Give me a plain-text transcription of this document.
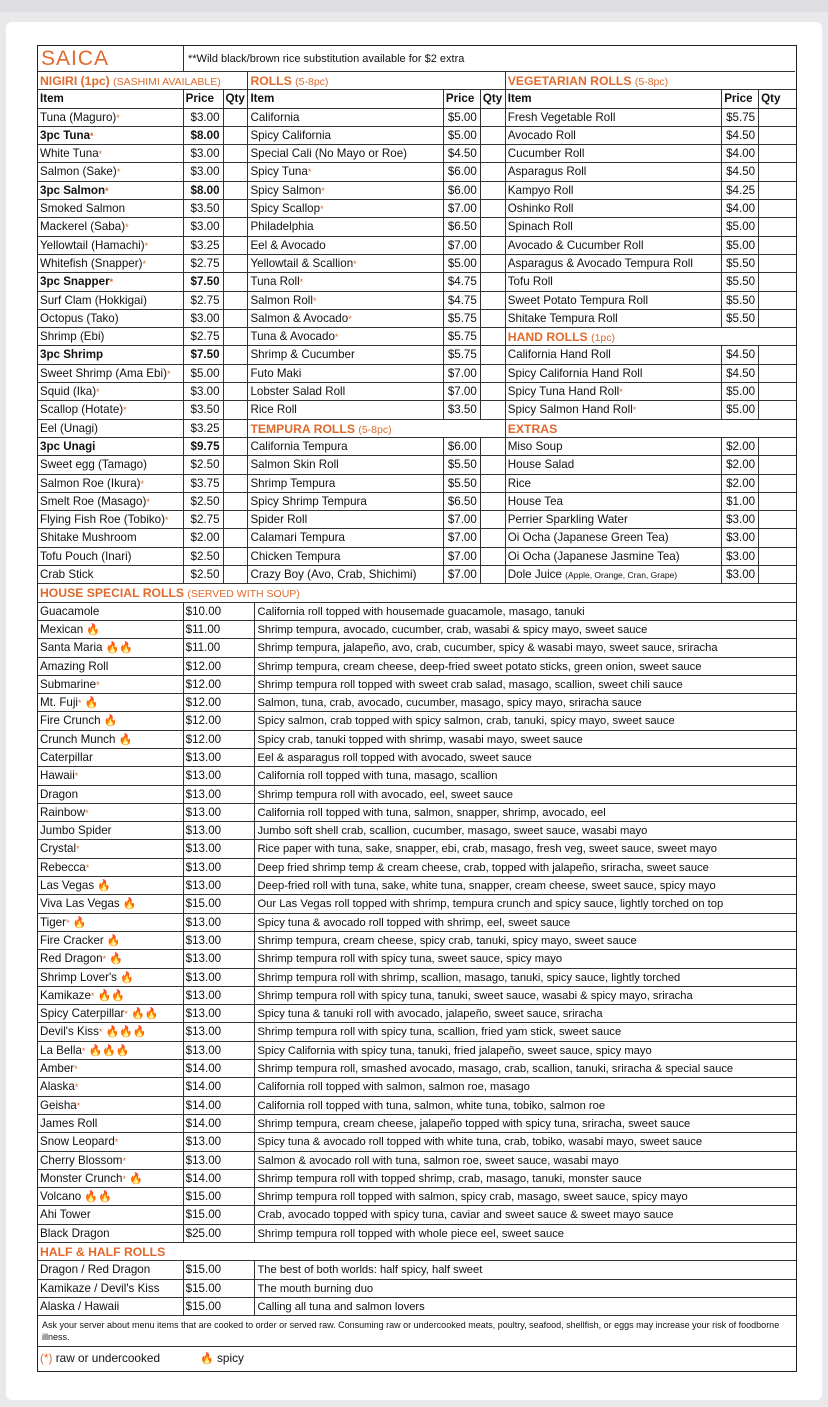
SAICA	**Wild black/brown rice substitution available for $2 extra
NIGIRI (1pc) (SASHIMI AVAILABLE)	ROLLS (5-8pc)	VEGETARIAN ROLLS (5-8pc)
Item	Price Qty Item	Price Qty Item	Price Qty
Tuna (Maguro)*	$3.00	California	$5.00	Fresh Vegetable Roll	$5.75
3pc Tuna*	$8.00	Spicy California	$5.00	Avocado Roll	$4.50
White Tuna*	$3.00	Special Cali (No Mayo or Roe)	$4.50	Cucumber Roll	$4.00
Salmon (Sake)*	$3.00	Spicy Tuna*	$6.00	Asparagus Roll	$4.50
3pc Salmon*	$8.00	Spicy Salmon*	$6.00	Kampyo Roll	$4.25
Smoked Salmon	$3.50	Spicy Scallop*	$7.00	Oshinko Roll	$4.00
Mackerel (Saba)*	$3.00	Philadelphia	$6.50	Spinach Roll	$5.00
Yellowtail (Hamachi)*	$3.25	Eel & Avocado	$7.00	Avocado & Cucumber Roll	$5.00
Whitefish (Snapper)*	$2.75	Yellowtail & Scallion*	$5.00	Asparagus & Avocado Tempura Roll	$5.50
3pc Snapper*	$7.50	Tuna Roll*	$4.75	Tofu Roll	$5.50
Surf Clam (Hokkigai)	$2.75	Salmon Roll*	$4.75	Sweet Potato Tempura Roll	$5.50
Octopus (Tako)	$3.00	Salmon & Avocado*	$5.75	Shitake Tempura Roll	$5.50
Shrimp (Ebi)	$2.75	Tuna & Avocado*	$5.75	HAND ROLLS (1pc)
3pc Shrimp	$7.50	Shrimp & Cucumber	$5.75	California Hand Roll	$4.50
Sweet Shrimp (Ama Ebi)*	$5.00	Futo Maki	$7.00	Spicy California Hand Roll	$4.50
Squid (Ika)*	$3.00	Lobster Salad Roll	$7.00	Spicy Tuna Hand Roll*	$5.00
Scallop (Hotate)*	$3.50	Rice Roll	$3.50	Spicy Salmon Hand Roll*	$5.00
Eel (Unagi)	$3.25	TEMPURA ROLLS (5-8pc)	EXTRAS
3pc Unagi	$9.75	California Tempura	$6.00	Miso Soup	$2.00
Sweet egg (Tamago)	$2.50	Salmon Skin Roll	$5.50	House Salad	$2.00
Salmon Roe (Ikura)*	$3.75	Shrimp Tempura	$5.50	Rice	$2.00
Smelt Roe (Masago)*	$2.50	Spicy Shrimp Tempura	$6.50	House Tea	$1.00
Flying Fish Roe (Tobiko)*	$2.75	Spider Roll	$7.00	Perrier Sparkling Water	$3.00
Shitake Mushroom	$2.00	Calamari Tempura	$7.00	Oi Ocha (Japanese Green Tea)	$3.00
Tofu Pouch (Inari)	$2.50	Chicken Tempura	$7.00	Oi Ocha (Japanese Jasmine Tea)	$3.00
Crab Stick	$2.50	Crazy Boy (Avo, Crab, Shichimi)	$7.00	Dole Juice (Apple, Orange, Cran, Grape)	$3.00
HOUSE SPECIAL ROLLS (SERVED WITH SOUP)
Guacamole	$10.00	California roll topped with housemade guacamole, masago, tanuki
Mexican 🔥	$11.00	Shrimp tempura, avocado, cucumber, crab, wasabi & spicy mayo, sweet sauce
Santa Maria 🔥🔥	$11.00	Shrimp tempura, jalapeño, avo, crab, cucumber, spicy & wasabi mayo, sweet sauce, sriracha
Amazing Roll	$12.00	Shrimp tempura, cream cheese, deep-fried sweet potato sticks, green onion, sweet sauce
Submarine*	$12.00	Shrimp tempura roll topped with sweet crab salad, masago, scallion, sweet chili sauce
Mt. Fuji* 🔥	$12.00	Salmon, tuna, crab, avocado, cucumber, masago, spicy mayo, sriracha sauce
Fire Crunch 🔥	$12.00	Spicy salmon, crab topped with spicy salmon, crab, tanuki, spicy mayo, sweet sauce
Crunch Munch 🔥	$12.00	Spicy crab, tanuki topped with shrimp, wasabi mayo, sweet sauce
Caterpillar	$13.00	Eel & asparagus roll topped with avocado, sweet sauce
Hawaii*	$13.00	California roll topped with tuna, masago, scallion
Dragon	$13.00	Shrimp tempura roll with avocado, eel, sweet sauce
Rainbow*	$13.00	California roll topped with tuna, salmon, snapper, shrimp, avocado, eel
Jumbo Spider	$13.00	Jumbo soft shell crab, scallion, cucumber, masago, sweet sauce, wasabi mayo
Crystal*	$13.00	Rice paper with tuna, sake, snapper, ebi, crab, masago, fresh veg, sweet sauce, sweet mayo
Rebecca*	$13.00	Deep fried shrimp temp & cream cheese, crab, topped with jalapeño, sriracha, sweet sauce
Las Vegas 🔥	$13.00	Deep-fried roll with tuna, sake, white tuna, snapper, cream cheese, sweet sauce, spicy mayo
Viva Las Vegas 🔥	$15.00	Our Las Vegas roll topped with shrimp, tempura crunch and spicy sauce, lightly torched on top
Tiger* 🔥	$13.00	Spicy tuna & avocado roll topped with shrimp, eel, sweet sauce
Fire Cracker 🔥	$13.00	Shrimp tempura, cream cheese, spicy crab, tanuki, spicy mayo, sweet sauce
Red Dragon* 🔥	$13.00	Shrimp tempura roll with spicy tuna, sweet sauce, spicy mayo
Shrimp Lover's 🔥	$13.00	Shrimp tempura roll with shrimp, scallion, masago, tanuki, spicy sauce, lightly torched
Kamikaze* 🔥🔥	$13.00	Shrimp tempura roll with spicy tuna, tanuki, sweet sauce, wasabi & spicy mayo, sriracha
Spicy Caterpillar* 🔥🔥	$13.00	Spicy tuna & tanuki roll with avocado, jalapeño, sweet sauce, sriracha
Devil's Kiss* 🔥🔥🔥	$13.00	Shrimp tempura roll with spicy tuna, scallion, fried yam stick, sweet sauce
La Bella* 🔥🔥🔥	$13.00	Spicy California with spicy tuna, tanuki, fried jalapeño, sweet sauce, spicy mayo
Amber*	$14.00	Shrimp tempura roll, smashed avocado, masago, crab, scallion, tanuki, sriracha & special sauce
Alaska*	$14.00	California roll topped with salmon, salmon roe, masago
Geisha*	$14.00	California roll topped with tuna, salmon, white tuna, tobiko, salmon roe
James Roll	$14.00	Shrimp tempura, cream cheese, jalapeño topped with spicy tuna, sriracha, sweet sauce
Snow Leopard*	$13.00	Spicy tuna & avocado roll topped with white tuna, crab, tobiko, wasabi mayo, sweet sauce
Cherry Blossom*	$13.00	Salmon & avocado roll with tuna, salmon roe, sweet sauce, wasabi mayo
Monster Crunch* 🔥	$14.00	Shrimp tempura roll with topped shrimp, crab, masago, tanuki, monster sauce
Volcano 🔥🔥	$15.00	Shrimp tempura roll topped with salmon, spicy crab, masago, sweet sauce, spicy mayo
Ahi Tower	$15.00	Crab, avocado topped with spicy tuna, caviar and sweet sauce & sweet mayo sauce
Black Dragon	$25.00	Shrimp tempura roll topped with whole piece eel, sweet sauce
HALF & HALF ROLLS
Dragon / Red Dragon	$15.00	The best of both worlds: half spicy, half sweet
Kamikaze / Devil's Kiss	$15.00	The mouth burning duo
Alaska / Hawaii	$15.00	Calling all tuna and salmon lovers
Ask your server about menu items that are cooked to order or served raw. Consuming raw or undercooked meats, poultry, seafood, shellfish, or eggs may increase your risk of foodborne illness.
(*) raw or undercooked	🔥 spicy
